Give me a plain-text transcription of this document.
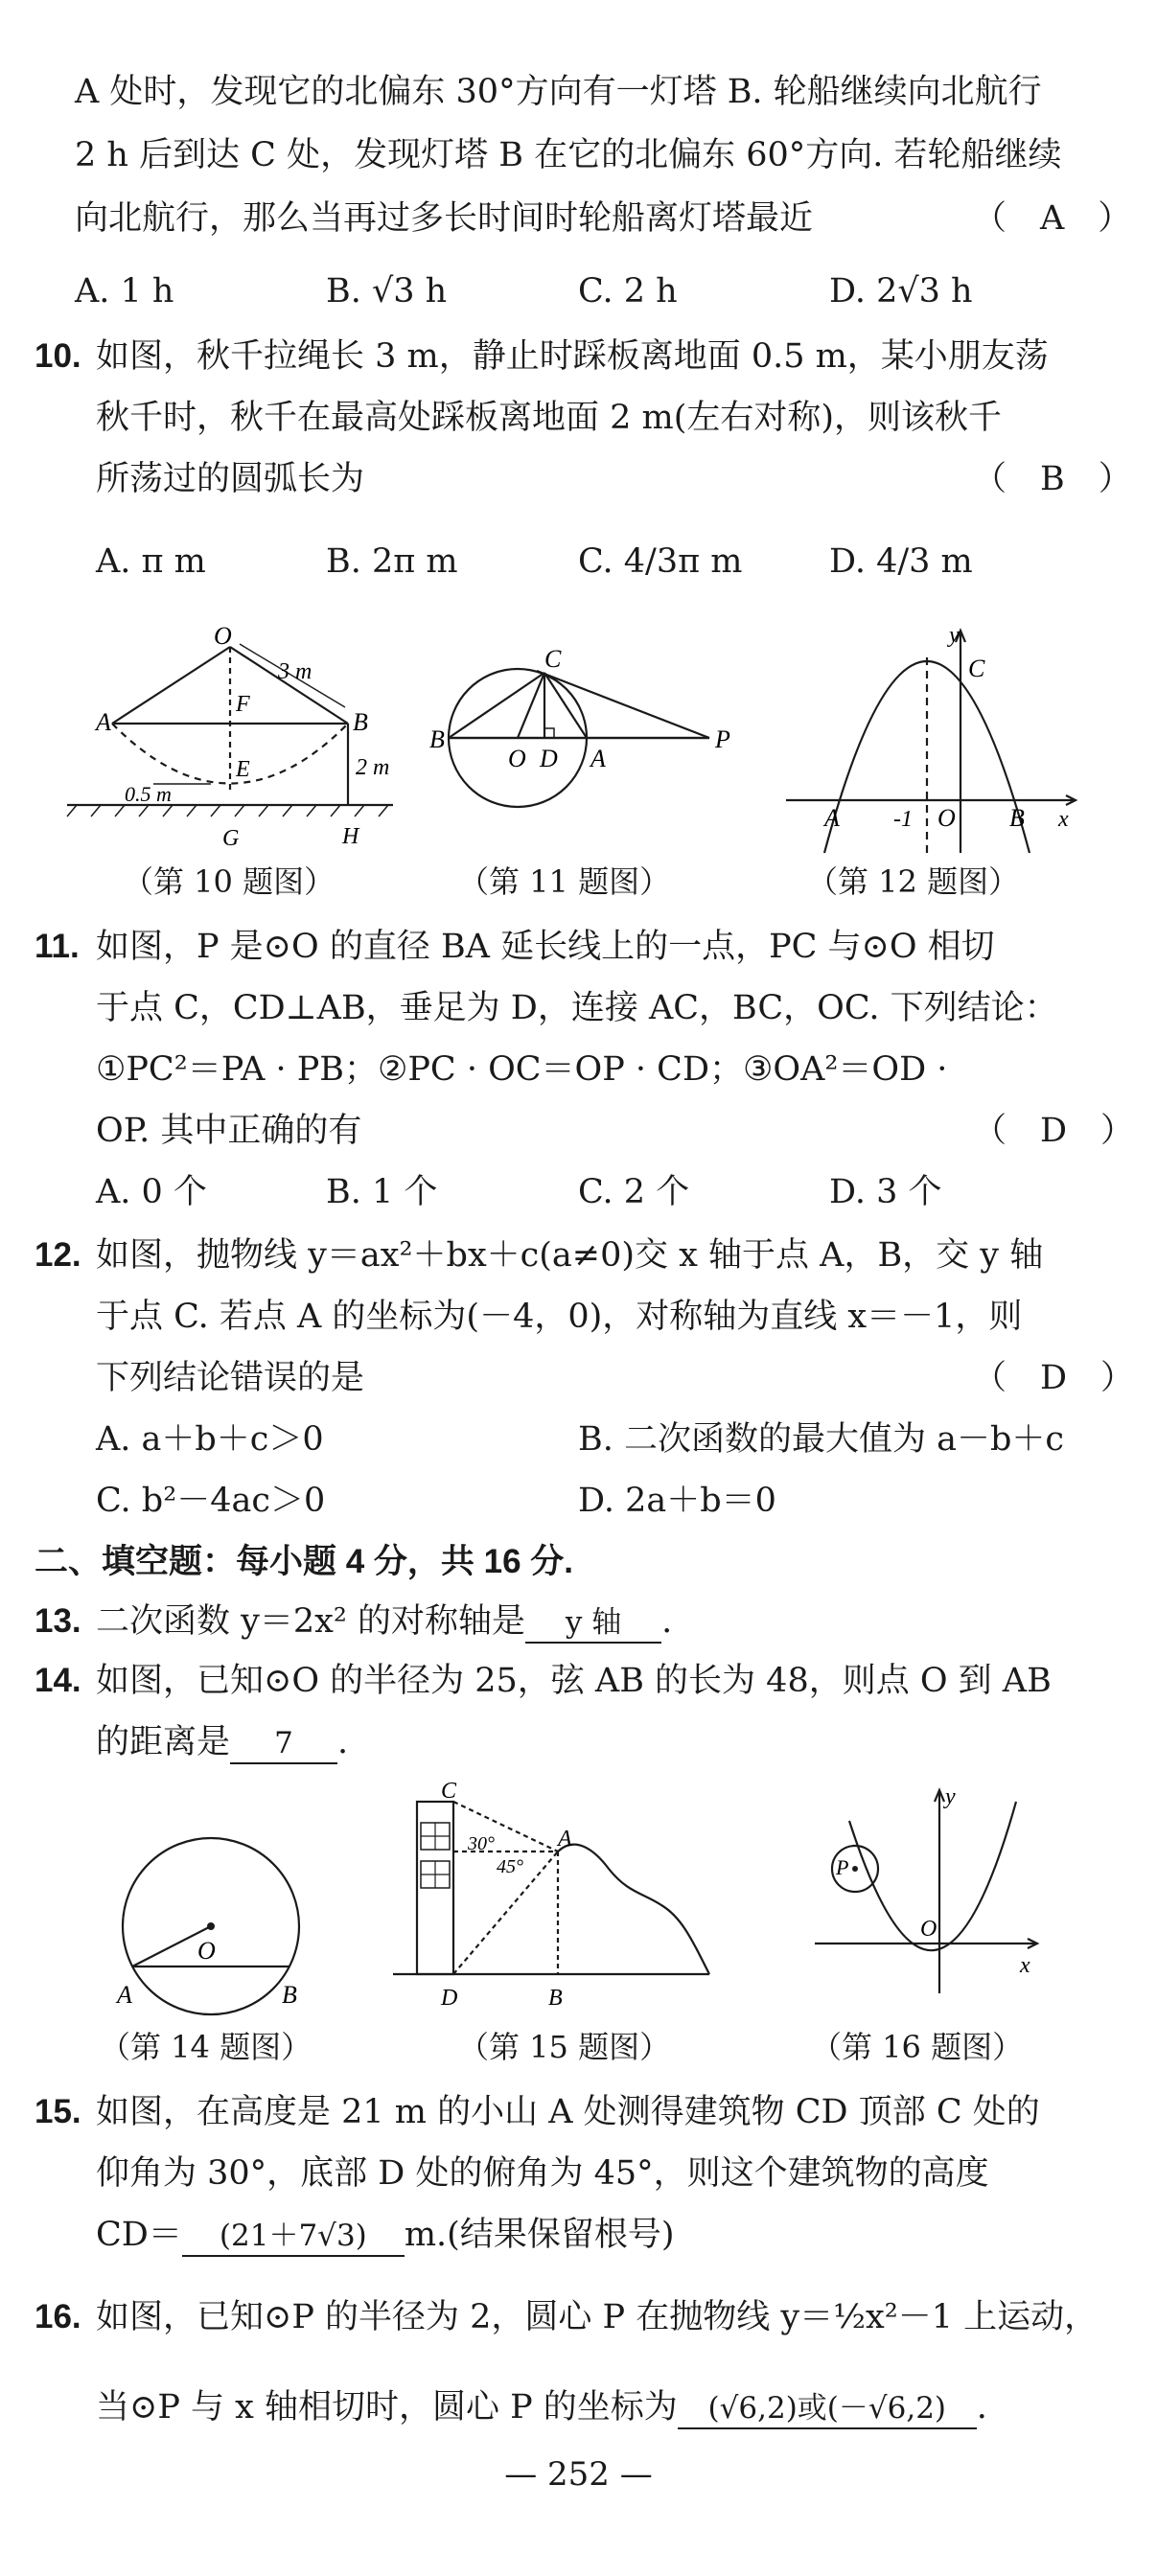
A 处时，发现它的北偏东 30°方向有一灯塔 B. 轮船继续向北航行
2 h 后到达 C 处，发现灯塔 B 在它的北偏东 60°方向. 若轮船继续
向北航行，那么当再过多长时间时轮船离灯塔最近	（　A　）
A. 1 h	B. √3 h	C. 2 h	D. 2√3 h
10. 如图，秋千拉绳长 3 m，静止时踩板离地面 0.5 m，某小朋友荡
秋千时，秋千在最高处踩板离地面 2 m(左右对称)，则该秋千
所荡过的圆弧长为	（　B　）
A. π m	B. 2π m	C. 4/3π m	D. 4/3 m
O
A	B
F
E
G	H
3 m
2 m
0.5 m
C
B
O D A
P
y
C
A -1 O B x
（第 10 题图）	（第 11 题图）	（第 12 题图）
11. 如图，P 是⊙O 的直径 BA 延长线上的一点，PC 与⊙O 相切
于点 C，CD⊥AB，垂足为 D，连接 AC，BC，OC. 下列结论：
①PC²＝PA · PB；②PC · OC＝OP · CD；③OA²＝OD ·
OP. 其中正确的有	（　D　）
A. 0 个	B. 1 个	C. 2 个	D. 3 个
12. 如图，抛物线 y＝ax²＋bx＋c(a≠0)交 x 轴于点 A，B，交 y 轴
于点 C. 若点 A 的坐标为(－4，0)，对称轴为直线 x＝－1，则
下列结论错误的是	（　D　）
A. a＋b＋c＞0	B. 二次函数的最大值为 a－b＋c
C. b²－4ac＞0	D. 2a＋b＝0
二、填空题：每小题 4 分，共 16 分.
13. 二次函数 y＝2x² 的对称轴是 y 轴 .
14. 如图，已知⊙O 的半径为 25，弦 AB 的长为 48，则点 O 到 AB
的距离是 7 .
O
A	B
C
A
D	B
30°
45°
y
P
O
x
（第 14 题图）	（第 15 题图）	（第 16 题图）
15. 如图，在高度是 21 m 的小山 A 处测得建筑物 CD 顶部 C 处的
仰角为 30°，底部 D 处的俯角为 45°，则这个建筑物的高度
CD＝ (21＋7√3) m.(结果保留根号)
16. 如图，已知⊙P 的半径为 2，圆心 P 在抛物线 y＝½x²－1 上运动，
当⊙P 与 x 轴相切时，圆心 P 的坐标为 (√6,2)或(－√6,2) .
— 252 —
